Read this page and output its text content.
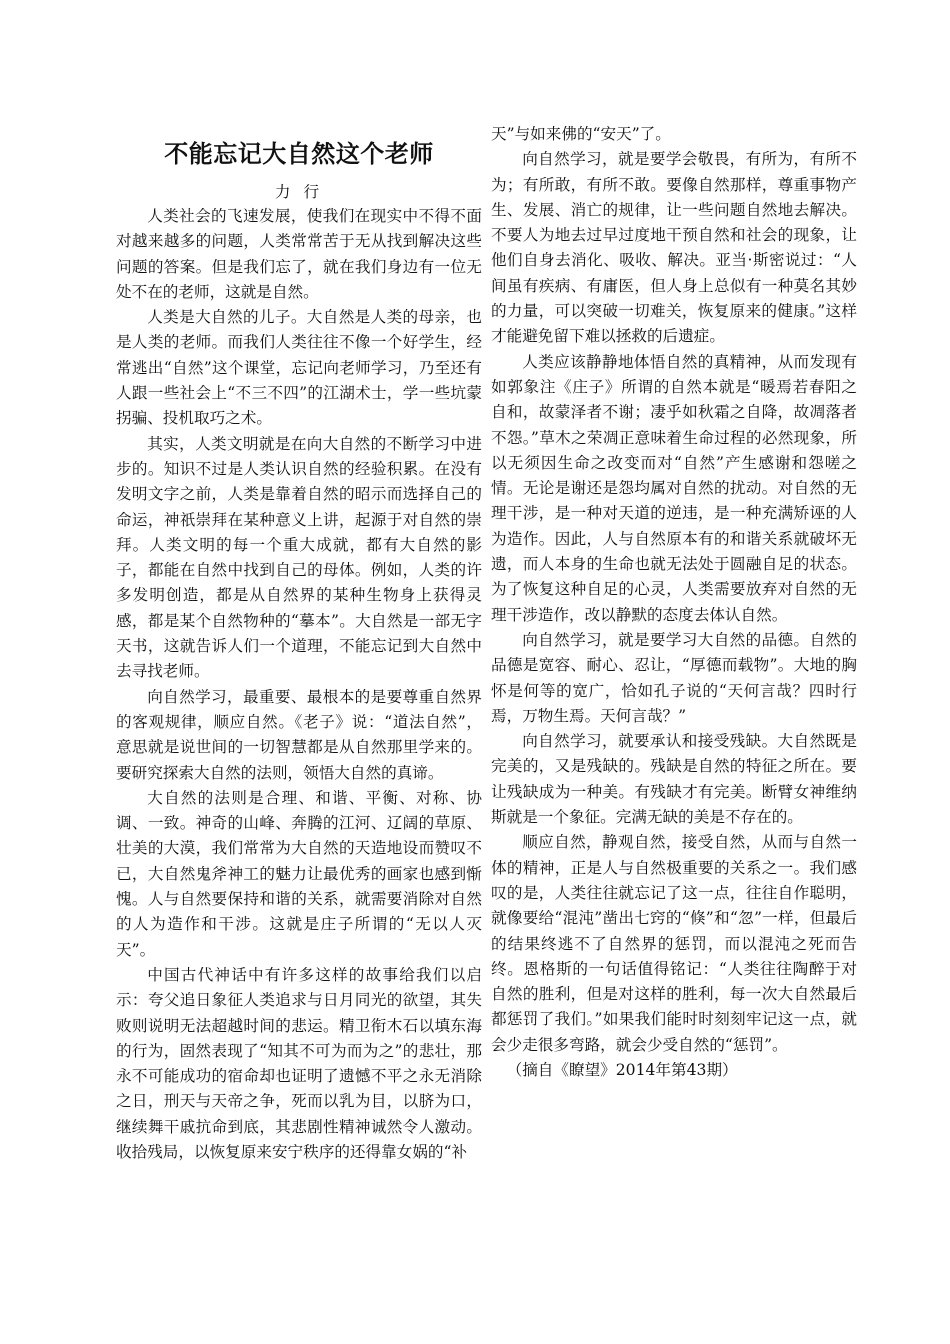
不能忘记大自然这个老师
力 行

人类社会的飞速发展，使我们在现实中不得不面对越来越多的问题，人类常常苦于无从找到解决这些问题的答案。但是我们忘了，就在我们身边有一位无处不在的老师，这就是自然。

人类是大自然的儿子。大自然是人类的母亲，也是人类的老师。而我们人类往往不像一个好学生，经常逃出“自然”这个课堂，忘记向老师学习，乃至还有人跟一些社会上“不三不四”的江湖术士，学一些坑蒙拐骗、投机取巧之术。

其实，人类文明就是在向大自然的不断学习中进步的。知识不过是人类认识自然的经验积累。在没有发明文字之前，人类是靠着自然的昭示而选择自己的命运，神祇崇拜在某种意义上讲，起源于对自然的崇拜。人类文明的每一个重大成就，都有大自然的影子，都能在自然中找到自己的母体。例如，人类的许多发明创造，都是从自然界的某种生物身上获得灵感，都是某个自然物种的“摹本”。大自然是一部无字天书，这就告诉人们一个道理，不能忘记到大自然中去寻找老师。

向自然学习，最重要、最根本的是要尊重自然界的客观规律，顺应自然。《老子》说：“道法自然”，意思就是说世间的一切智慧都是从自然那里学来的。要研究探索大自然的法则，领悟大自然的真谛。

大自然的法则是合理、和谐、平衡、对称、协调、一致。神奇的山峰、奔腾的江河、辽阔的草原、壮美的大漠，我们常常为大自然的天造地设而赞叹不已，大自然鬼斧神工的魅力让最优秀的画家也感到惭愧。人与自然要保持和谐的关系，就需要消除对自然的人为造作和干涉。这就是庄子所谓的“无以人灭天”。

中国古代神话中有许多这样的故事给我们以启示：夸父追日象征人类追求与日月同光的欲望，其失败则说明无法超越时间的悲运。精卫衔木石以填东海的行为，固然表现了“知其不可为而为之”的悲壮，那永不可能成功的宿命却也证明了遗憾不平之永无消除之日，刑天与天帝之争，死而以乳为目，以脐为口，继续舞干戚抗命到底，其悲剧性精神诚然令人激动。收拾残局，以恢复原来安宁秩序的还得靠女娲的“补

天”与如来佛的“安天”了。

向自然学习，就是要学会敬畏，有所为，有所不为；有所敢，有所不敢。要像自然那样，尊重事物产生、发展、消亡的规律，让一些问题自然地去解决。不要人为地去过早过度地干预自然和社会的现象，让他们自身去消化、吸收、解决。亚当·斯密说过：“人间虽有疾病、有庸医，但人身上总似有一种莫名其妙的力量，可以突破一切难关，恢复原来的健康。”这样才能避免留下难以拯救的后遗症。

人类应该静静地体悟自然的真精神，从而发现有如郭象注《庄子》所谓的自然本就是“暖焉若春阳之自和，故蒙泽者不谢；凄乎如秋霜之自降，故凋落者不怨。”草木之荣凋正意味着生命过程的必然现象，所以无须因生命之改变而对“自然”产生感谢和怨嗟之情。无论是谢还是怨均属对自然的扰动。对自然的无理干涉，是一种对天道的逆违，是一种充满矫诬的人为造作。因此，人与自然原本有的和谐关系就破坏无遗，而人本身的生命也就无法处于圆融自足的状态。为了恢复这种自足的心灵，人类需要放弃对自然的无理干涉造作，改以静默的态度去体认自然。

向自然学习，就是要学习大自然的品德。自然的品德是宽容、耐心、忍让，“厚德而载物”。大地的胸怀是何等的宽广，恰如孔子说的“天何言哉？四时行焉，万物生焉。天何言哉？”

向自然学习，就要承认和接受残缺。大自然既是完美的，又是残缺的。残缺是自然的特征之所在。要让残缺成为一种美。有残缺才有完美。断臂女神维纳斯就是一个象征。完满无缺的美是不存在的。

顺应自然，静观自然，接受自然，从而与自然一体的精神，正是人与自然极重要的关系之一。我们感叹的是，人类往往就忘记了这一点，往往自作聪明，就像要给“混沌”凿出七窍的“倏”和“忽”一样，但最后的结果终逃不了自然界的惩罚，而以混沌之死而告终。恩格斯的一句话值得铭记：“人类往往陶醉于对自然的胜利，但是对这样的胜利，每一次大自然最后都惩罚了我们。”如果我们能时时刻刻牢记这一点，就会少走很多弯路，就会少受自然的“惩罚”。

（摘自《瞭望》2014年第43期）
